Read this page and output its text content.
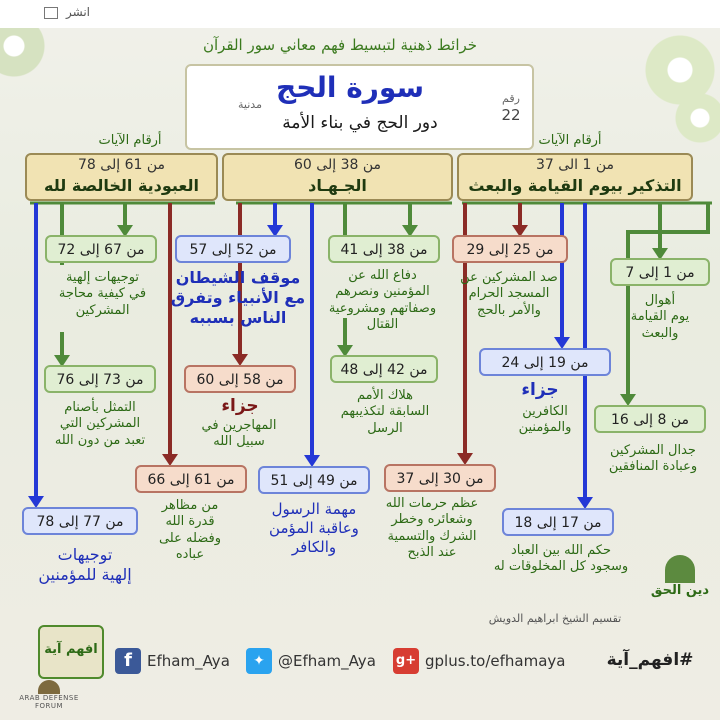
انشر
خرائط ذهنية لتبسيط فهم معاني سور القرآن
سورة الحج
دور الحج في بناء الأمة
مدنية	رقم
22
أرقام الآيات	أرقام الآيات
من 1 الى 37
التذكير بيوم القيامة والبعث
من 38 إلى 60
الجـهـاد
من 61 إلى 78
العبودية الخالصة لله
من 1 إلى 7
أهوال
يوم القيامة
والبعث
من 8 إلى 16
جدال المشركين
وعبادة المنافقين
من 17 إلى 18
حكم الله بين العباد
وسجود كل المخلوقات له
من 19 إلى 24
جزاء
الكافرين
والمؤمنين
من 25 إلى 29
صد المشركين عن
المسجد الحرام
والأمر بالحج
من 30 إلى 37
عظم حرمات الله
وشعائره وخطر
الشرك والتسمية
عند الذبح
من 38 إلى 41
دفاع الله عن
المؤمنين ونصرهم
وصفاتهم ومشروعية
القتال
من 42 إلى 48
هلاك الأمم
السابقة لتكذيبهم
الرسل
من 49 إلى 51
مهمة الرسول
وعاقبة المؤمن
والكافر
من 52 إلى 57
موقف الشيطان
مع الأنبياء وتفرق
الناس بسببه
من 58 إلى 60
جزاء
المهاجرين في
سبيل الله
من 67 إلى 72
توجيهات إلهية
في كيفية محاجة
المشركين
من 73 إلى 76
التمثل بأصنام
المشركين التي
تعبد من دون الله
من 61 إلى 66
من مظاهر
قدرة الله
وفضله على
عباده
من 77 إلى 78
توجيهات
إلهية للمؤمنين
تقسيم الشيخ ابراهيم الدويش
افهم آية
دين الحق
f	Efham_Aya	✦ @Efham_Aya g+ gplus.to/efhamaya	#افهم_آية
ARAB DEFENSE FORUM
